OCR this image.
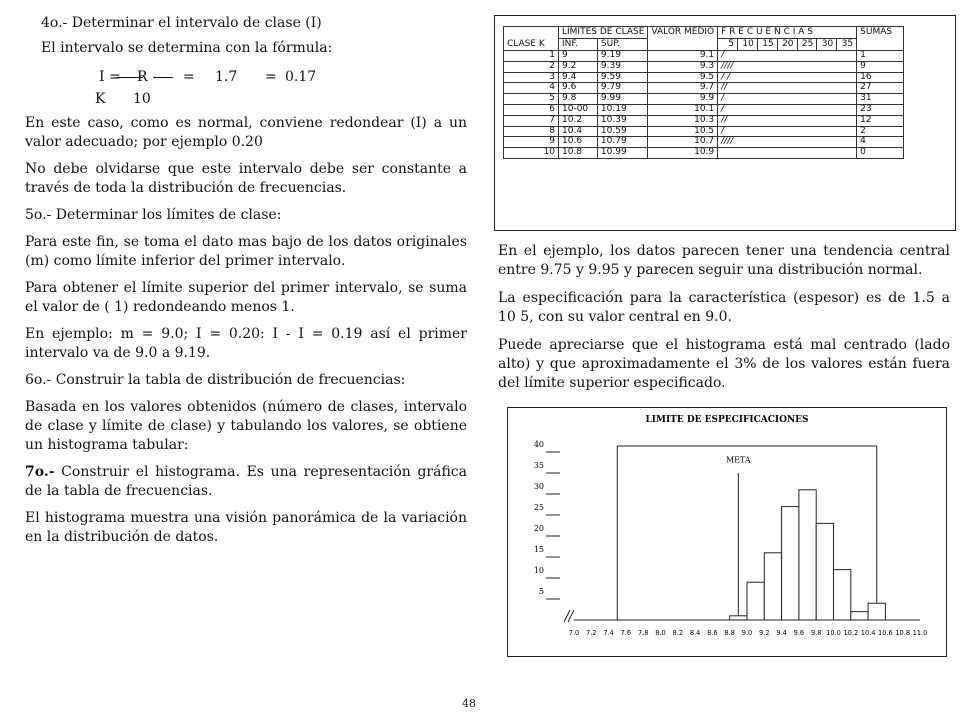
4o.- Determinar el intervalo de clase (I)

El intervalo se determina con la fórmula:

I = R	= 1.7 = 0.17
K 10

En este caso, como es normal, conviene redondear (I) a un valor adecuado; por ejemplo 0.20

No debe olvidarse que este intervalo debe ser constante a través de toda la distribución de frecuencias.

5o.- Determinar los límites de clase:

Para este fin, se toma el dato mas bajo de los datos originales (m) como límite inferior del primer intervalo.

Para obtener el límite superior del primer intervalo, se suma el valor de ( 1) redondeando menos 1.

En ejemplo: m = 9.0; I = 0.20: I - I = 0.19 así el primer intervalo va de 9.0 a 9.19.

6o.- Construir la tabla de distribución de frecuencias:

Basada en los valores obtenidos (número de clases, intervalo de clase y límite de clase) y tabulando los valores, se obtiene un histograma tabular:

7o.- Construir el histograma. Es una representación gráfica de la tabla de frecuencias.

El histograma muestra una visión panorámica de la variación en la distribución de datos.

CLASE K	LIMITES DE CLASE		VALOR MEDIO	F R E C U E N C I A S							SUMAS
	INF.	SUP.		5	10	15	20	25	30	35	
1	9	9.19	9.1	/							1
2	9.2	9.39	9.3	////							9
3	9.4	9.59	9.5	/ /							16
4	9.6	9.79	9.7	//							27
5	9.8	9.99	9.9	/							31
6	10-00	10.19	10.1	/							23
7	10.2	10.39	10.3	//							12
8	10.4	10.59	10.5	/							2
9	10.6	10.79	10.7	////							4
10	10.8	10.99	10.9								0

En el ejemplo, los datos parecen tener una tendencia central entre 9.75 y 9.95 y parecen seguir una distribución normal.

La especificación para la característica (espesor) es de 1.5 a 10 5, con su valor central en 9.0.

Puede apreciarse que el histograma está mal centrado (lado alto) y que aproximadamente el 3% de los valores están fuera del límite superior especificado.

LIMITE DE ESPECIFICACIONES
5
10
15
20
25
30
35
40
7.0 7.2 7.4 7.6 7.8 8.0 8.2 8.4 8.6 8.8 9.0 9.2 9.4 9.6 9.8 10.0 10.2 10.4 10.6 10.8 11.0
META
48
